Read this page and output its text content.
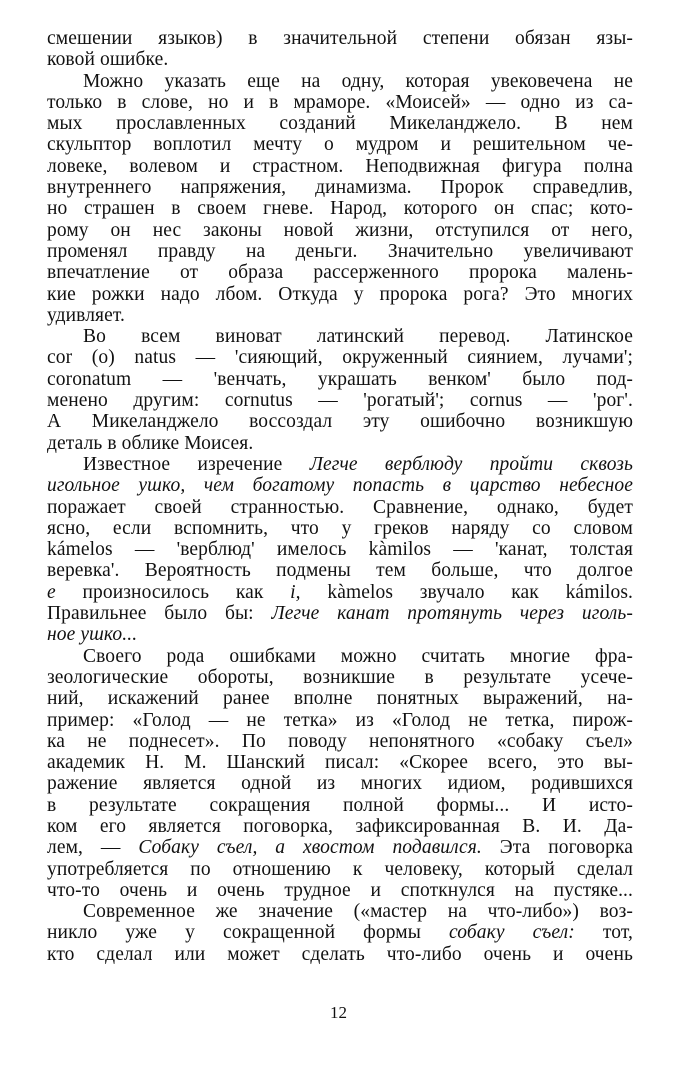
смешении языков) в значительной степени обязан язы-
ковой ошибке.

Можно указать еще на одну, которая увековечена не
только в слове, но и в мраморе. «Моисей» — одно из са-
мых прославленных созданий Микеланджело. В нем
скульптор воплотил мечту о мудром и решительном че-
ловеке, волевом и страстном. Неподвижная фигура полна
внутреннего напряжения, динамизма. Пророк справедлив,
но страшен в своем гневе. Народ, которого он спас; кото-
рому он нес законы новой жизни, отступился от него,
променял правду на деньги. Значительно увеличивают
впечатление от образа рассерженного пророка малень-
кие рожки надо лбом. Откуда у пророка рога? Это многих
удивляет.

Во всем виноват латинский перевод. Латинское
cor (o) natus — 'сияющий, окруженный сиянием, лучами';
coronatum — 'венчать, украшать венком' было под-
менено другим: cornutus — 'рогатый'; cornus — 'рог'.
А Микеланджело воссоздал эту ошибочно возникшую
деталь в облике Моисея.

Известное изречение Легче верблюду пройти сквозь
игольное ушко, чем богатому попасть в царство небесное
поражает своей странностью. Сравнение, однако, будет
ясно, если вспомнить, что у греков наряду со словом
kámelos — 'верблюд' имелось kàmilos — 'канат, толстая
веревка'. Вероятность подмены тем больше, что долгое
e произносилось как i, kàmelos звучало как kámilos.
Правильнее было бы: Легче канат протянуть через иголь-
ное ушко...

Своего рода ошибками можно считать многие фра-
зеологические обороты, возникшие в результате усече-
ний, искажений ранее вполне понятных выражений, на-
пример: «Голод — не тетка» из «Голод не тетка, пирож-
ка не поднесет». По поводу непонятного «собаку съел»
академик Н. М. Шанский писал: «Скорее всего, это вы-
ражение является одной из многих идиом, родившихся
в результате сокращения полной формы... И исто-
ком его является поговорка, зафиксированная В. И. Да-
лем, — Собаку съел, а хвостом подавился. Эта поговорка
употребляется по отношению к человеку, который сделал
что-то очень и очень трудное и споткнулся на пустяке...

Современное же значение («мастер на что-либо») воз-
никло уже у сокращенной формы собаку съел: тот,
кто сделал или может сделать что-либо очень и очень

12
